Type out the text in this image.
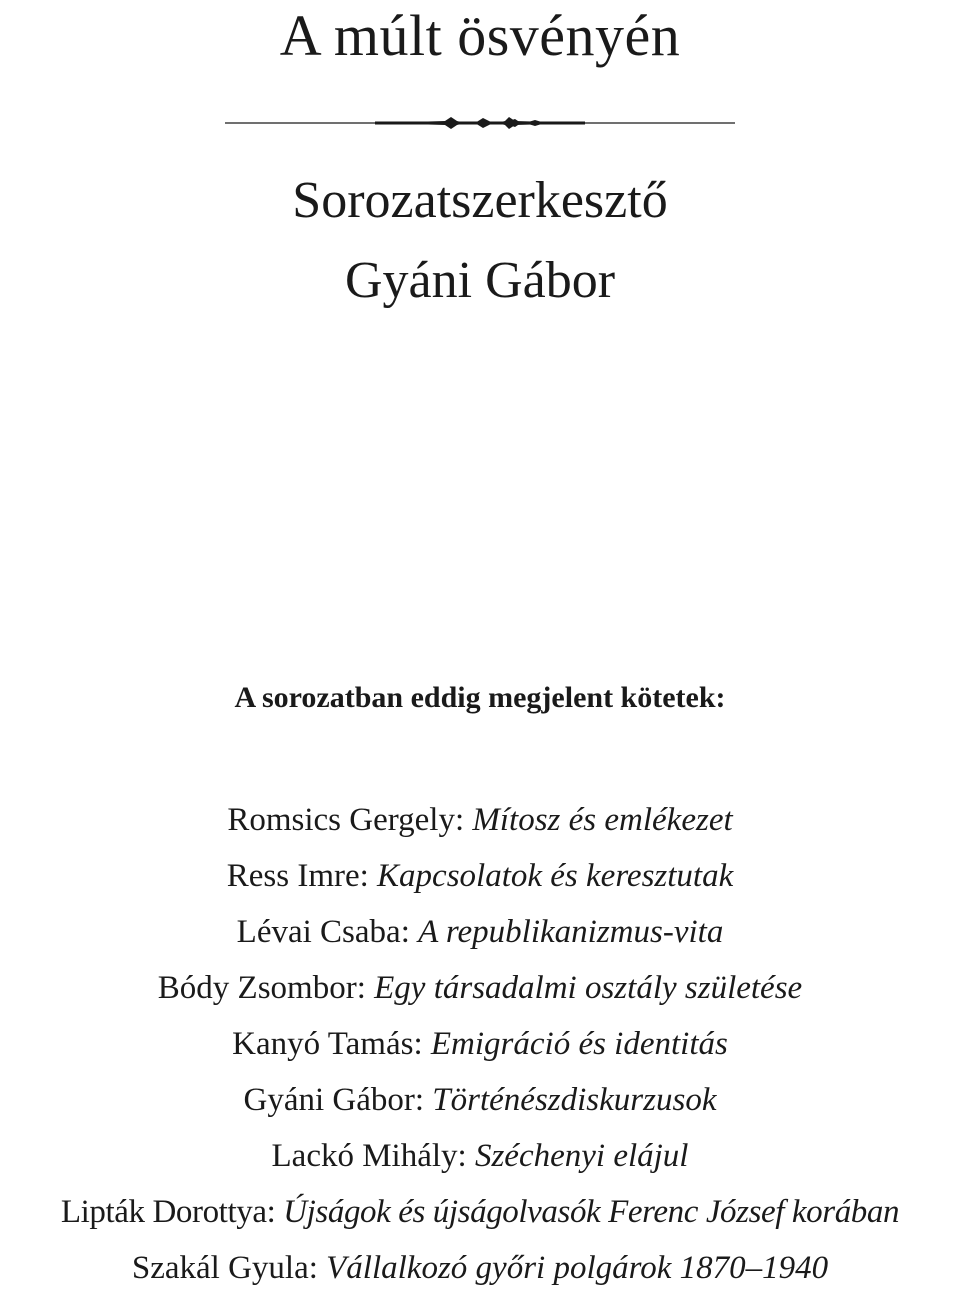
A múlt ösvényén
Sorozatszerkesztő
Gyáni Gábor
A sorozatban eddig megjelent kötetek:
Romsics Gergely: Mítosz és emlékezet
Ress Imre: Kapcsolatok és keresztutak
Lévai Csaba: A republikanizmus-vita
Bódy Zsombor: Egy társadalmi osztály születése
Kanyó Tamás: Emigráció és identitás
Gyáni Gábor: Történészdiskurzusok
Lackó Mihály: Széchenyi elájul
Lipták Dorottya: Újságok és újságolvasók Ferenc József korában
Szakál Gyula: Vállalkozó győri polgárok 1870–1940
